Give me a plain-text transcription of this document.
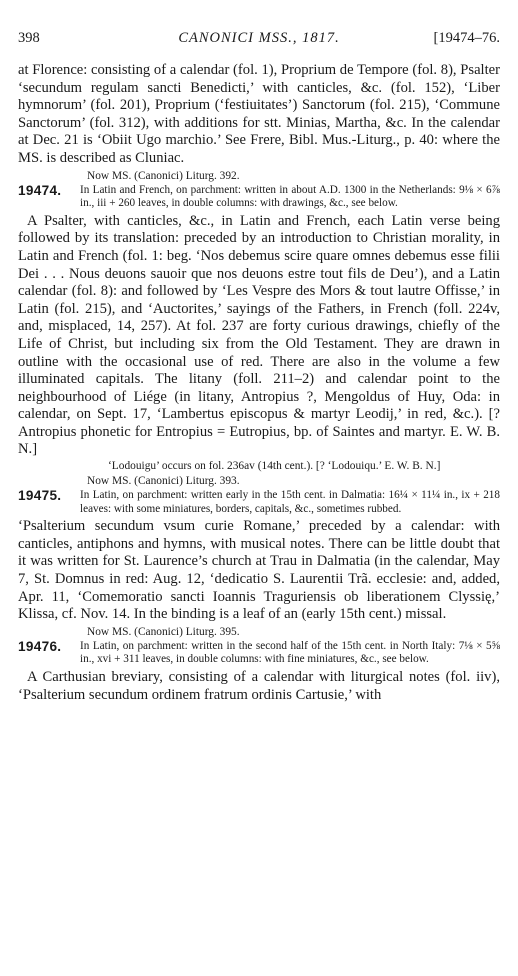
398	CANONICI MSS., 1817.	[19474–76.

at Florence: consisting of a calendar (fol. 1), Proprium de Tempore (fol. 8), Psalter ‘secundum regulam sancti Benedicti,’ with canticles, &c. (fol. 152), ‘Liber hymnorum’ (fol. 201), Proprium (‘festiuitates’) Sanctorum (fol. 215), ‘Commune Sanctorum’ (fol. 312), with additions for stt. Minias, Martha, &c. In the calendar at Dec. 21 is ‘Obiit Ugo marchio.’ See Frere, Bibl. Mus.-Liturg., p. 40: where the MS. is described as Cluniac.

Now MS. (Canonici) Liturg. 392.

19474. In Latin and French, on parchment: written in about A.D. 1300 in the Netherlands: 9⅛ × 6⅞ in., iii + 260 leaves, in double columns: with drawings, &c., see below.

A Psalter, with canticles, &c., in Latin and French, each Latin verse being followed by its translation: preceded by an introduction to Christian morality, in Latin and French (fol. 1: beg. ‘Nos debemus scire quare omnes debemus esse filii Dei . . . Nous deuons sauoir que nos deuons estre tout fils de Deu’), and a Latin calendar (fol. 8): and followed by ‘Les Vespre des Mors & tout lautre Offisse,’ in Latin (fol. 215), and ‘Auctorites,’ sayings of the Fathers, in French (foll. 224v, and, misplaced, 14, 257). At fol. 237 are forty curious drawings, chiefly of the Life of Christ, but including six from the Old Testament. They are drawn in outline with the occasional use of red. There are also in the volume a few illuminated capitals. The litany (foll. 211–2) and calendar point to the neighbourhood of Liége (in litany, Antropius ?, Mengoldus of Huy, Oda: in calendar, on Sept. 17, ‘Lambertus episcopus & martyr Leodij,’ in red, &c.). [? Antropius phonetic for Entropius = Eutropius, bp. of Saintes and martyr. E. W. B. N.]

‘Lodouigu’ occurs on fol. 236av (14th cent.). [? ‘Lodouiqu.’ E. W. B. N.]

Now MS. (Canonici) Liturg. 393.

19475. In Latin, on parchment: written early in the 15th cent. in Dalmatia: 16¼ × 11¼ in., ix + 218 leaves: with some miniatures, borders, capitals, &c., sometimes rubbed.

‘Psalterium secundum vsum curie Romane,’ preceded by a calendar: with canticles, antiphons and hymns, with musical notes. There can be little doubt that it was written for St. Laurence’s church at Trau in Dalmatia (in the calendar, May 7, St. Domnus in red: Aug. 12, ‘dedicatio S. Laurentii Trã. ecclesie: and, added, Apr. 11, ‘Comemoratio sancti Ioannis Traguriensis ob liberationem Clyssię,’ Klissa, cf. Nov. 14. In the binding is a leaf of an (early 15th cent.) missal.

Now MS. (Canonici) Liturg. 395.

19476. In Latin, on parchment: written in the second half of the 15th cent. in North Italy: 7⅛ × 5⅝ in., xvi + 311 leaves, in double columns: with fine miniatures, &c., see below.

A Carthusian breviary, consisting of a calendar with liturgical notes (fol. iiv), ‘Psalterium secundum ordinem fratrum ordinis Cartusie,’ with
